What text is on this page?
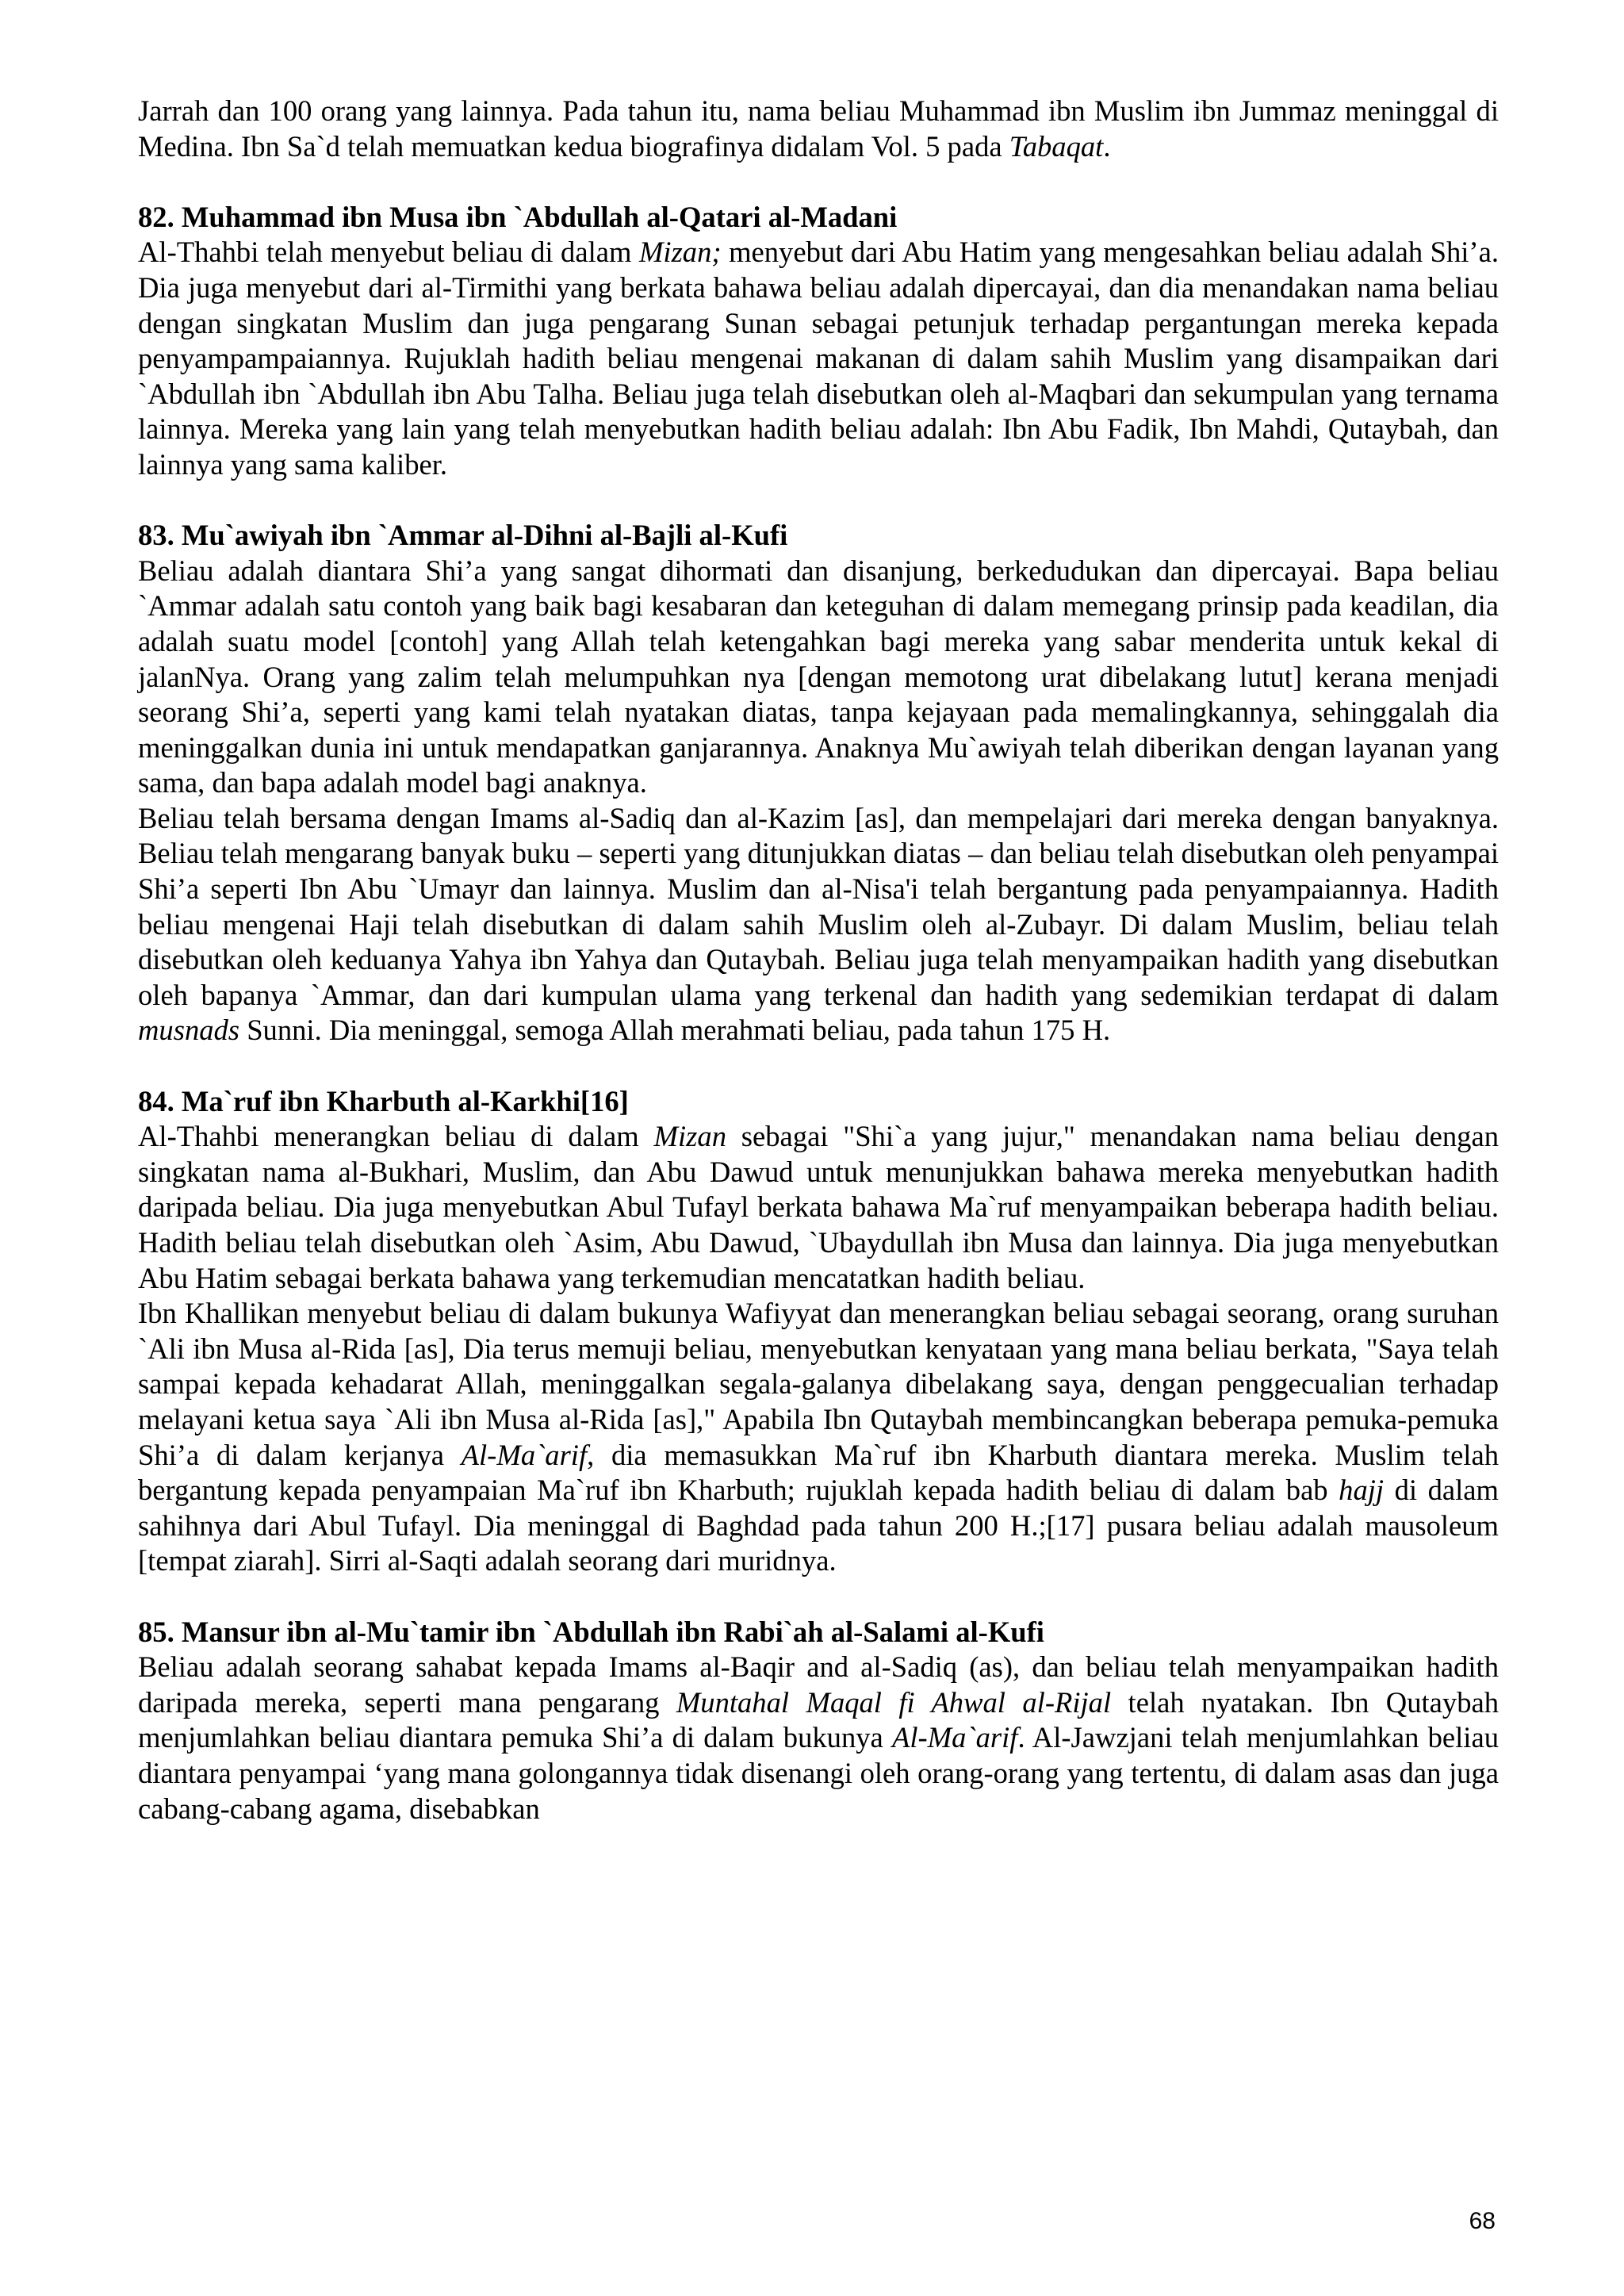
Jarrah dan 100 orang yang lainnya. Pada tahun itu, nama beliau Muhammad ibn Muslim ibn Jummaz meninggal di Medina. Ibn Sa`d telah memuatkan kedua biografinya didalam Vol. 5 pada Tabaqat.

82. Muhammad ibn Musa ibn `Abdullah al-Qatari al-Madani

Al-Thahbi telah menyebut beliau di dalam Mizan; menyebut dari Abu Hatim yang mengesahkan beliau adalah Shi’a. Dia juga menyebut dari al-Tirmithi yang berkata bahawa beliau adalah dipercayai, dan dia menandakan nama beliau dengan singkatan Muslim dan juga pengarang Sunan sebagai petunjuk terhadap pergantungan mereka kepada penyampampaiannya. Rujuklah hadith beliau mengenai makanan di dalam sahih Muslim yang disampaikan dari `Abdullah ibn `Abdullah ibn Abu Talha. Beliau juga telah disebutkan oleh al-Maqbari dan sekumpulan yang ternama lainnya. Mereka yang lain yang telah menyebutkan hadith beliau adalah: Ibn Abu Fadik, Ibn Mahdi, Qutaybah, dan lainnya yang sama kaliber.

83. Mu`awiyah ibn `Ammar al-Dihni al-Bajli al-Kufi

Beliau adalah diantara Shi’a yang sangat dihormati dan disanjung, berkedudukan dan dipercayai. Bapa beliau `Ammar adalah satu contoh yang baik bagi kesabaran dan keteguhan di dalam memegang prinsip pada keadilan, dia adalah suatu model [contoh] yang Allah telah ketengahkan bagi mereka yang sabar menderita untuk kekal di jalanNya. Orang yang zalim telah melumpuhkan nya [dengan memotong urat dibelakang lutut] kerana menjadi seorang Shi’a, seperti yang kami telah nyatakan diatas, tanpa kejayaan pada memalingkannya, sehinggalah dia meninggalkan dunia ini untuk mendapatkan ganjarannya. Anaknya Mu`awiyah telah diberikan dengan layanan yang sama, dan bapa adalah model bagi anaknya.

Beliau telah bersama dengan Imams al-Sadiq dan al-Kazim [as], dan mempelajari dari mereka dengan banyaknya. Beliau telah mengarang banyak buku – seperti yang ditunjukkan diatas – dan beliau telah disebutkan oleh penyampai Shi’a seperti Ibn Abu `Umayr dan lainnya. Muslim dan al-Nisa'i telah bergantung pada penyampaiannya. Hadith beliau mengenai Haji telah disebutkan di dalam sahih Muslim oleh al-Zubayr. Di dalam Muslim, beliau telah disebutkan oleh keduanya Yahya ibn Yahya dan Qutaybah. Beliau juga telah menyampaikan hadith yang disebutkan oleh bapanya `Ammar, dan dari kumpulan ulama yang terkenal dan hadith yang sedemikian terdapat di dalam musnads Sunni. Dia meninggal, semoga Allah merahmati beliau, pada tahun 175 H.

84. Ma`ruf ibn Kharbuth al-Karkhi[16]

Al-Thahbi menerangkan beliau di dalam Mizan sebagai "Shi`a yang jujur," menandakan nama beliau dengan singkatan nama al-Bukhari, Muslim, dan Abu Dawud untuk menunjukkan bahawa mereka menyebutkan hadith daripada beliau. Dia juga menyebutkan Abul Tufayl berkata bahawa Ma`ruf menyampaikan beberapa hadith beliau. Hadith beliau telah disebutkan oleh `Asim, Abu Dawud, `Ubaydullah ibn Musa dan lainnya. Dia juga menyebutkan Abu Hatim sebagai berkata bahawa yang terkemudian mencatatkan hadith beliau.

Ibn Khallikan menyebut beliau di dalam bukunya Wafiyyat dan menerangkan beliau sebagai seorang, orang suruhan `Ali ibn Musa al-Rida [as], Dia terus memuji beliau, menyebutkan kenyataan yang mana beliau berkata, "Saya telah sampai kepada kehadarat Allah, meninggalkan segala-galanya dibelakang saya, dengan penggecualian terhadap melayani ketua saya `Ali ibn Musa al-Rida [as]," Apabila Ibn Qutaybah membincangkan beberapa pemuka-pemuka Shi’a di dalam kerjanya Al-Ma`arif, dia memasukkan Ma`ruf ibn Kharbuth diantara mereka. Muslim telah bergantung kepada penyampaian Ma`ruf ibn Kharbuth; rujuklah kepada hadith beliau di dalam bab hajj di dalam sahihnya dari Abul Tufayl. Dia meninggal di Baghdad pada tahun 200 H.;[17] pusara beliau adalah mausoleum [tempat ziarah]. Sirri al-Saqti adalah seorang dari muridnya.

85. Mansur ibn al-Mu`tamir ibn `Abdullah ibn Rabi`ah al-Salami al-Kufi

Beliau adalah seorang sahabat kepada Imams al-Baqir and al-Sadiq (as), dan beliau telah menyampaikan hadith daripada mereka, seperti mana pengarang Muntahal Maqal fi Ahwal al-Rijal telah nyatakan. Ibn Qutaybah menjumlahkan beliau diantara pemuka Shi’a di dalam bukunya Al-Ma`arif. Al-Jawzjani telah menjumlahkan beliau diantara penyampai ‘yang mana golongannya tidak disenangi oleh orang-orang yang tertentu, di dalam asas dan juga cabang-cabang agama, disebabkan

68
